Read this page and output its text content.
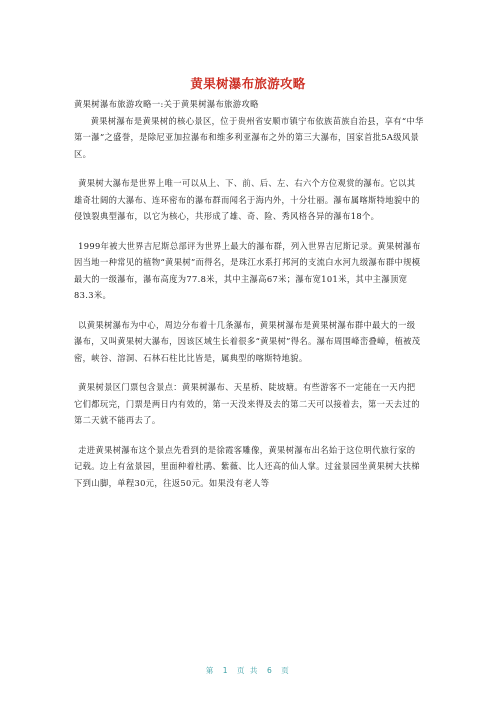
黄果树瀑布旅游攻略

黄果树瀑布旅游攻略一:关于黄果树瀑布旅游攻略

黄果树瀑布是黄果树的核心景区，位于贵州省安顺市镇宁布依族苗族自治县，享有“中华第一瀑”之盛誉，是除尼亚加拉瀑布和维多利亚瀑布之外的第三大瀑布，国家首批5A级风景区。

黄果树大瀑布是世界上唯一可以从上、下、前、后、左、右六个方位观赏的瀑布。它以其雄奇壮阔的大瀑布、连环密布的瀑布群而闻名于海内外，十分壮丽。瀑布属喀斯特地貌中的侵蚀裂典型瀑布，以它为核心，共形成了雄、奇、险、秀风格各异的瀑布18个。

1999年被大世界吉尼斯总部评为世界上最大的瀑布群，列入世界吉尼斯记录。黄果树瀑布因当地一种常见的植物“黄果树”而得名，是珠江水系打邦河的支流白水河九级瀑布群中规模最大的一级瀑布，瀑布高度为77.8米，其中主瀑高67米；瀑布宽101米，其中主瀑顶宽83.3米。

以黄果树瀑布为中心，周边分布着十几条瀑布，黄果树瀑布是黄果树瀑布群中最大的一级瀑布，又叫黄果树大瀑布，因该区域生长着很多“黄果树”得名。瀑布周围峰峦叠嶂，植被茂密，峡谷、溶洞、石林石柱比比皆是，属典型的喀斯特地貌。

黄果树景区门票包含景点：黄果树瀑布、天星桥、陡坡塘。有些游客不一定能在一天内把它们都玩完，门票是两日内有效的，第一天没来得及去的第二天可以接着去，第一天去过的第二天就不能再去了。

走进黄果树瀑布这个景点先看到的是徐霞客雕像，黄果树瀑布出名始于这位明代旅行家的记载。边上有盆景园，里面种着杜鹃、紫薇、比人还高的仙人掌。过盆景园坐黄果树大扶梯下到山脚，单程30元，往返50元。如果没有老人等

第 1 页 共 6 页
